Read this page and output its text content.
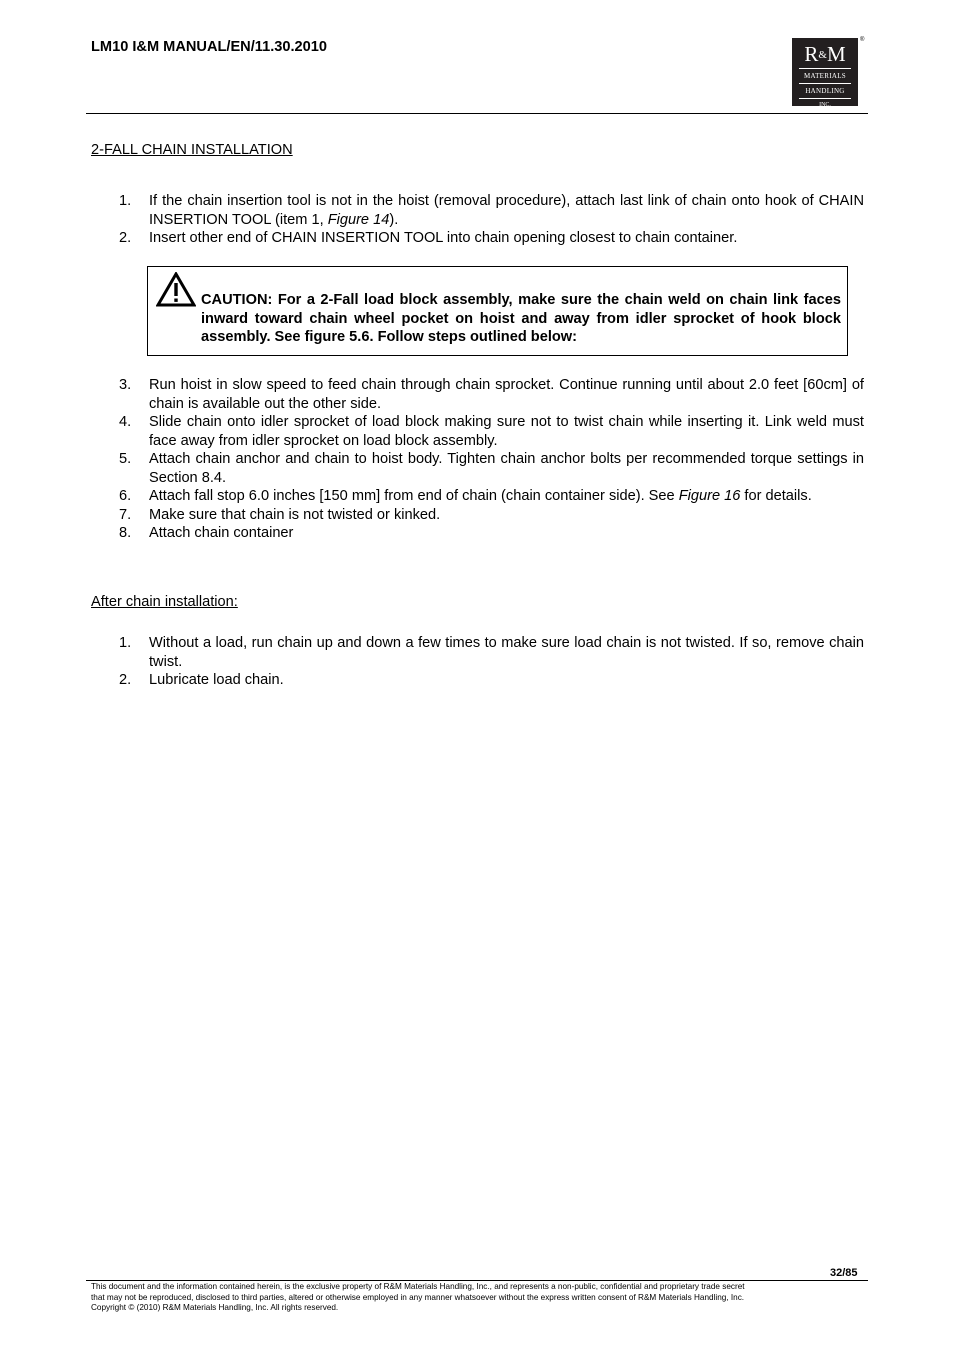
LM10 I&M MANUAL/EN/11.30.2010	R&M
MATERIALS
HANDLING
INC.
®
2-FALL CHAIN INSTALLATION
1. If the chain insertion tool is not in the hoist (removal procedure), attach last link of chain onto hook of CHAIN INSERTION TOOL (item 1, Figure 14).
2. Insert other end of CHAIN INSERTION TOOL into chain opening closest to chain container.
CAUTION: For a 2-Fall load block assembly, make sure the chain weld on chain link faces inward toward chain wheel pocket on hoist and away from idler sprocket of hook block assembly. See figure 5.6. Follow steps outlined below:
3. Run hoist in slow speed to feed chain through chain sprocket. Continue running until about 2.0 feet [60cm] of chain is available out the other side.
4. Slide chain onto idler sprocket of load block making sure not to twist chain while inserting it. Link weld must face away from idler sprocket on load block assembly.
5. Attach chain anchor and chain to hoist body. Tighten chain anchor bolts per recommended torque settings in Section 8.4.
6. Attach fall stop 6.0 inches [150 mm] from end of chain (chain container side). See Figure 16 for details.
7. Make sure that chain is not twisted or kinked.
8. Attach chain container
After chain installation:
1. Without a load, run chain up and down a few times to make sure load chain is not twisted. If so, remove chain twist.
2. Lubricate load chain.
32/85
This document and the information contained herein, is the exclusive property of R&M Materials Handling, Inc., and represents a non-public, confidential and proprietary trade secret
that may not be reproduced, disclosed to third parties, altered or otherwise employed in any manner whatsoever without the express written consent of R&M Materials Handling, Inc.
Copyright © (2010) R&M Materials Handling, Inc. All rights reserved.
